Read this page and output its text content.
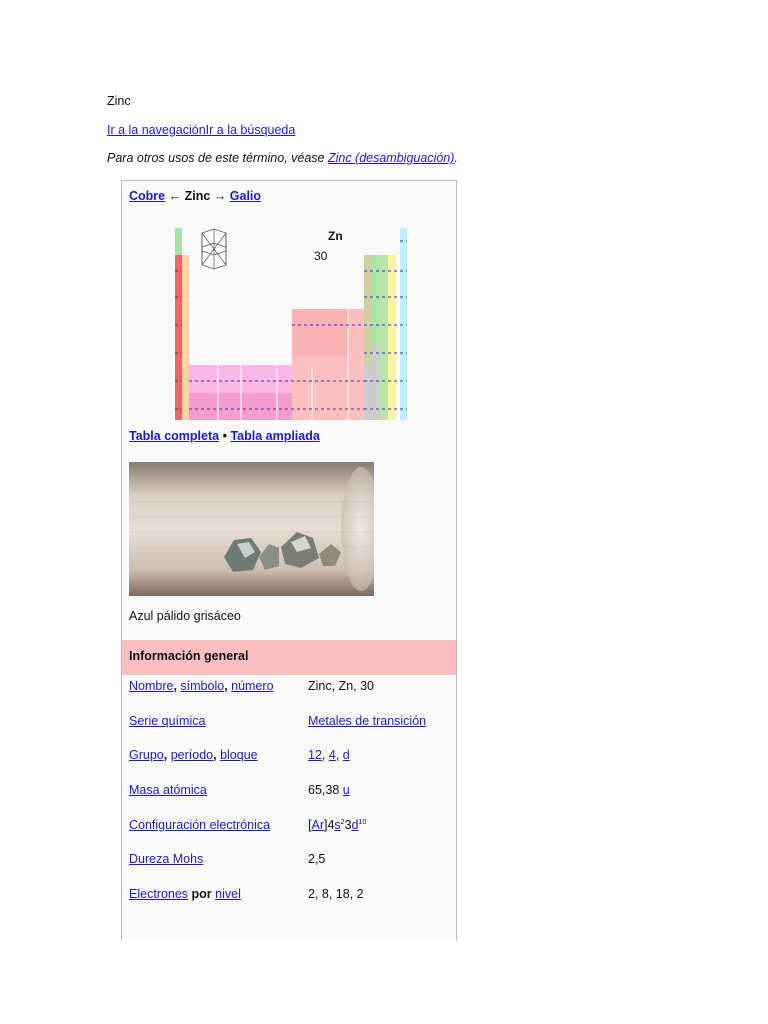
Zinc
Ir a la navegaciónIr a la búsqueda
Para otros usos de este término, véase Zinc (desambiguación).
Cobre ← Zinc → Galio
Zn
30
Tabla completa • Tabla ampliada
Azul pálido grisáceo
Información general
Nombre, símbolo, número	Zinc, Zn, 30
Serie química	Metales de transición
Grupo, período, bloque	12, 4, d
Masa atómica	65,38 u
Configuración electrónica	$[Ar]4s^23d^{10}$
Dureza Mohs	2,5
Electrones por nivel	2, 8, 18, 2
